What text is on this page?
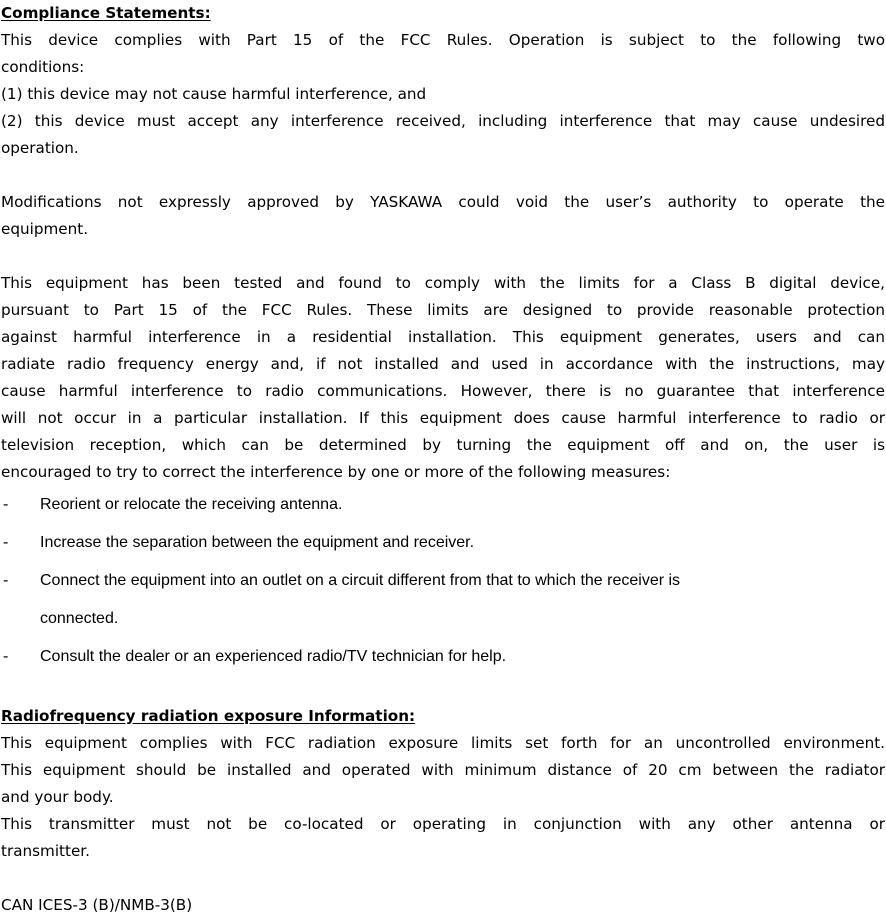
Compliance Statements:

This device complies with Part 15 of the FCC Rules. Operation is subject to the following two

conditions:

(1) this device may not cause harmful interference, and

(2) this device must accept any interference received, including interference that may cause undesired

operation.

Modifications not expressly approved by YASKAWA could void the user’s authority to operate the

equipment.

This equipment has been tested and found to comply with the limits for a Class B digital device,

pursuant to Part 15 of the FCC Rules. These limits are designed to provide reasonable protection

against harmful interference in a residential installation. This equipment generates, users and can

radiate radio frequency energy and, if not installed and used in accordance with the instructions, may

cause harmful interference to radio communications. However, there is no guarantee that interference

will not occur in a particular installation. If this equipment does cause harmful interference to radio or

television reception, which can be determined by turning the equipment off and on, the user is

encouraged to try to correct the interference by one or more of the following measures:

-	Reorient or relocate the receiving antenna.
-	Increase the separation between the equipment and receiver.
-	Connect the equipment into an outlet on a circuit different from that to which the receiver is
connected.
-	Consult the dealer or an experienced radio/TV technician for help.

Radiofrequency radiation exposure Information:

This equipment complies with FCC radiation exposure limits set forth for an uncontrolled environment.

This equipment should be installed and operated with minimum distance of 20 cm between the radiator

and your body.

This transmitter must not be co-located or operating in conjunction with any other antenna or

transmitter.

CAN ICES-3 (B)/NMB-3(B)
